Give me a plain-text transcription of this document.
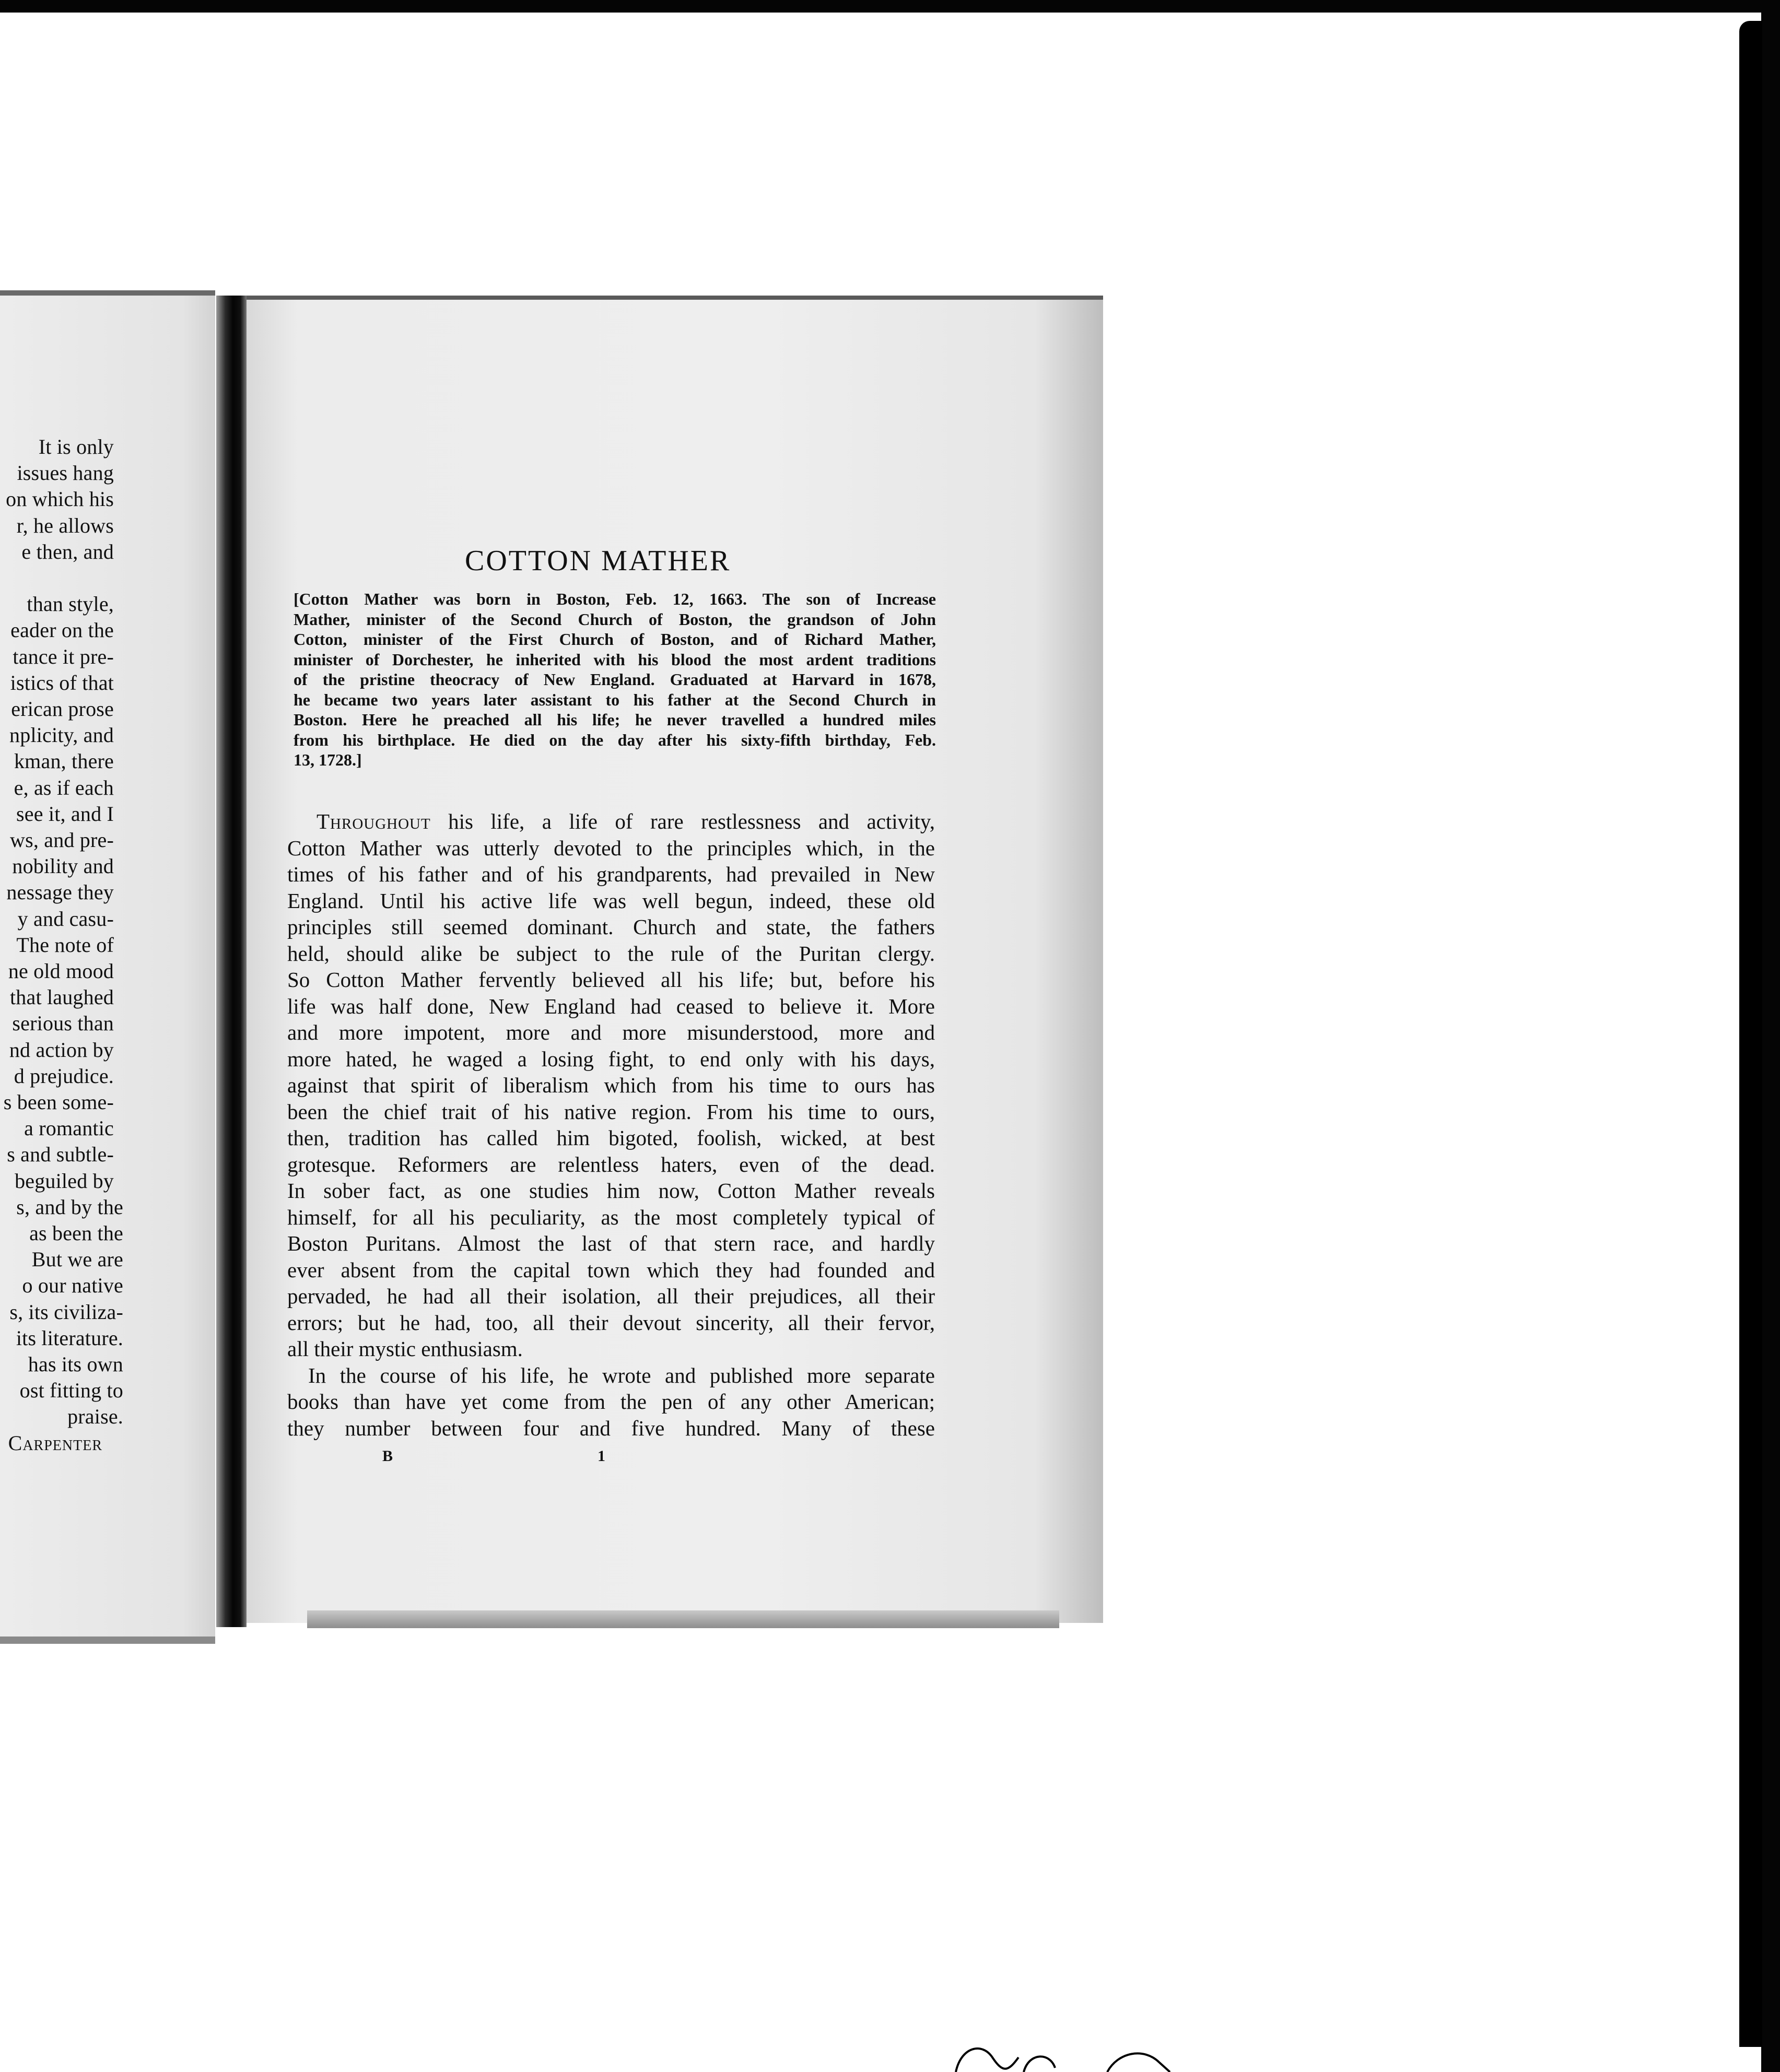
It is only
issues hang
on which his
r, he allows
e then, and
than style,
eader on the
tance it pre-
istics of that
erican prose
nplicity, and
kman, there
e, as if each
see it, and I
ws, and pre-
nobility and
nessage they
y and casu-
The note of
ne old mood
that laughed
serious than
nd action by
d prejudice.
s been some-
a romantic
s and subtle-
beguiled by
s, and by the
as been the
But we are
o our native
s, its civiliza-
its literature.
has its own
ost fitting to
praise.
Carpenter
COTTON MATHER
[Cotton Mather was born in Boston, Feb. 12, 1663. The son of Increase
Mather, minister of the Second Church of Boston, the grandson of John
Cotton, minister of the First Church of Boston, and of Richard Mather,
minister of Dorchester, he inherited with his blood the most ardent traditions
of the pristine theocracy of New England. Graduated at Harvard in 1678,
he became two years later assistant to his father at the Second Church in
Boston. Here he preached all his life; he never travelled a hundred miles
from his birthplace. He died on the day after his sixty-fifth birthday, Feb.
13, 1728.]
Throughout his life, a life of rare restlessness and activity,
Cotton Mather was utterly devoted to the principles which, in the
times of his father and of his grandparents, had prevailed in New
England. Until his active life was well begun, indeed, these old
principles still seemed dominant. Church and state, the fathers
held, should alike be subject to the rule of the Puritan clergy.
So Cotton Mather fervently believed all his life; but, before his
life was half done, New England had ceased to believe it. More
and more impotent, more and more misunderstood, more and
more hated, he waged a losing fight, to end only with his days,
against that spirit of liberalism which from his time to ours has
been the chief trait of his native region. From his time to ours,
then, tradition has called him bigoted, foolish, wicked, at best
grotesque. Reformers are relentless haters, even of the dead.
In sober fact, as one studies him now, Cotton Mather reveals
himself, for all his peculiarity, as the most completely typical of
Boston Puritans. Almost the last of that stern race, and hardly
ever absent from the capital town which they had founded and
pervaded, he had all their isolation, all their prejudices, all their
errors; but he had, too, all their devout sincerity, all their fervor,
all their mystic enthusiasm.
In the course of his life, he wrote and published more separate
books than have yet come from the pen of any other American;
they number between four and five hundred. Many of these
B	1
